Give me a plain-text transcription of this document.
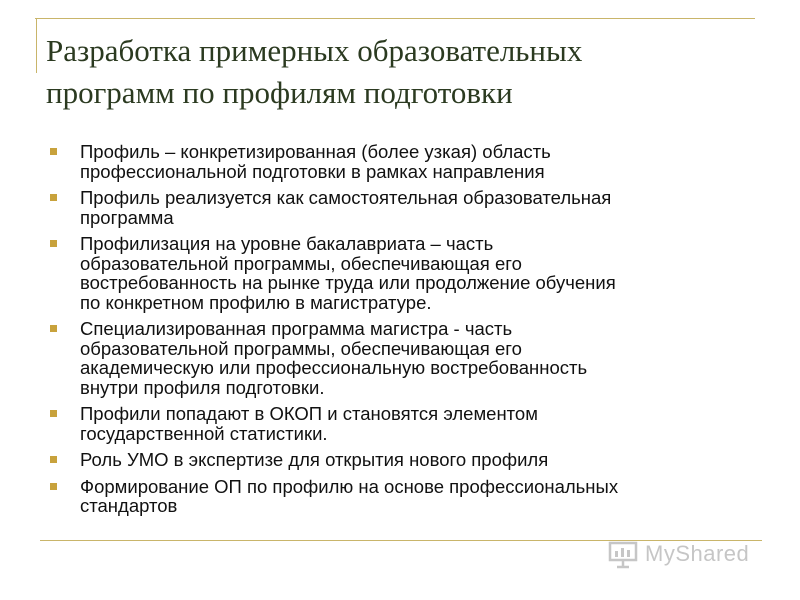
Разработка примерных образовательных
программ по профилям подготовки
Профиль – конкретизированная (более узкая) область
профессиональной подготовки в рамках направления
Профиль реализуется как самостоятельная образовательная
программа
Профилизация на уровне бакалавриата – часть
образовательной программы, обеспечивающая его
востребованность на рынке труда или продолжение обучения
по конкретном профилю в магистратуре.
Специализированная программа магистра - часть
образовательной программы, обеспечивающая его
академическую или профессиональную востребованность
внутри профиля подготовки.
Профили попадают в ОКОП и становятся элементом
государственной статистики.
Роль УМО в экспертизе для открытия нового профиля
Формирование ОП по профилю на основе профессиональных
стандартов
MyShared
